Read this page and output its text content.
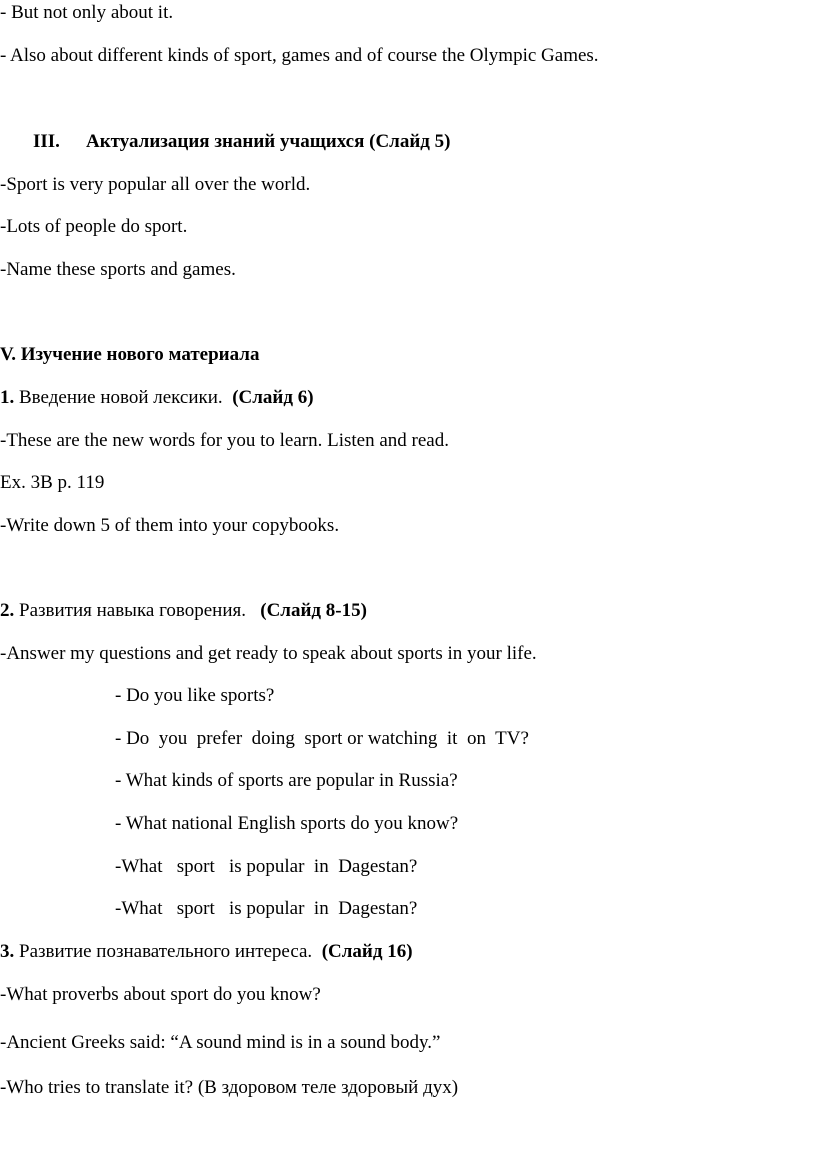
- But not only about it.
- Also about different kinds of sport, games and of course the Olympic Games.
III. Актуализация знаний учащихся (Слайд 5)
-Sport is very popular all over the world.
-Lots of people do sport.
-Name these sports and games.
V. Изучение нового материала
1. Введение новой лексики.  (Слайд 6)
-These are the new words for you to learn. Listen and read.
Ex. 3B p. 119
-Write down 5 of them into your copybooks.
2. Развития навыка говорения.   (Слайд 8-15)
-Answer my questions and get ready to speak about sports in your life.
- Do you like sports?
- Do  you  prefer  doing  sport or watching  it  on  TV?
- What kinds of sports are popular in Russia?
- What national English sports do you know?
-What   sport   is popular  in  Dagestan?
-What   sport   is popular  in  Dagestan?
3. Развитие познавательного интереса.  (Слайд 16)
-What proverbs about sport do you know?
-Ancient Greeks said: “A sound mind is in a sound body.”
-Who tries to translate it? (В здоровом теле здоровый дух)
